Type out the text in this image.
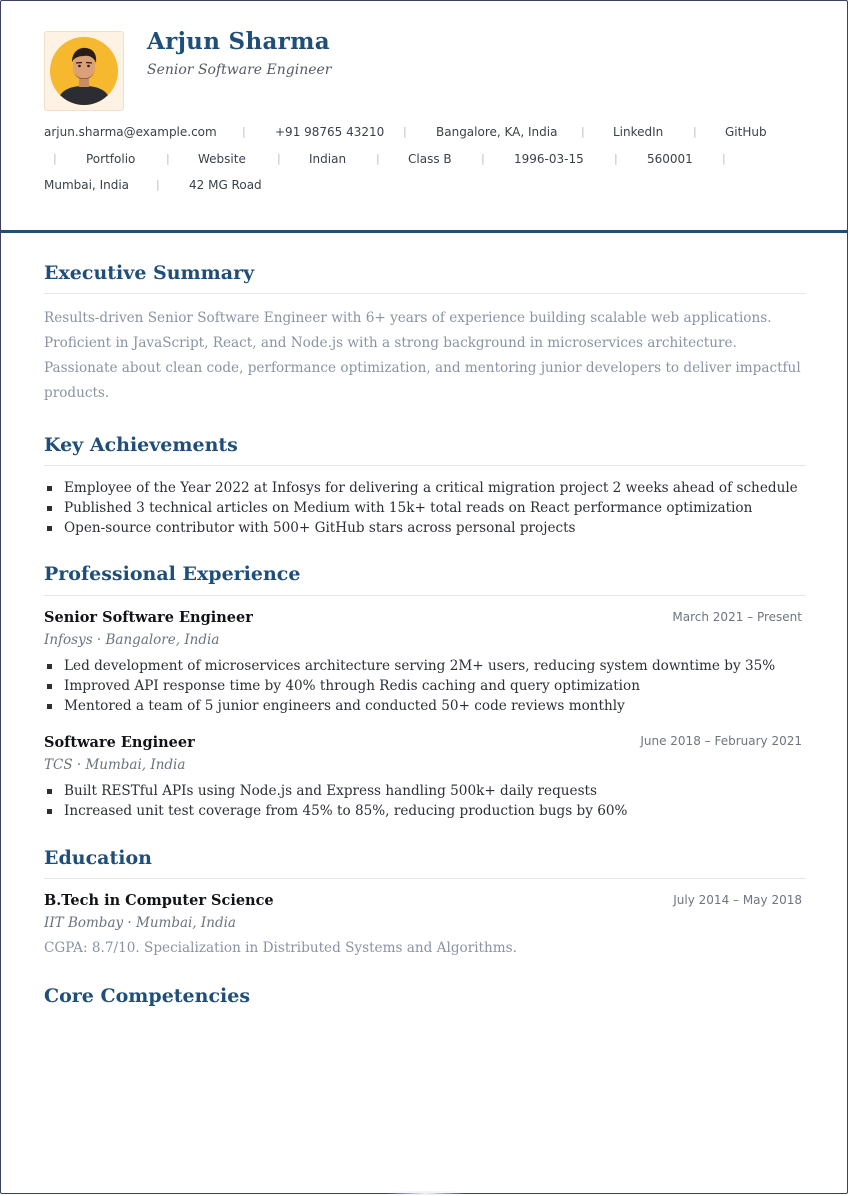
Arjun Sharma
Senior Software Engineer
arjun.sharma@example.com | +91 98765 43210 | Bangalore, KA, India | LinkedIn	| GitHub
| Portfolio	| Website	| Indian	| Class B	| 1996-03-15	| 560001	|
Mumbai, India | 42 MG Road
Executive Summary

Results-driven Senior Software Engineer with 6+ years of experience building scalable web applications. Proficient in JavaScript, React, and Node.js with a strong background in microservices architecture. Passionate about clean code, performance optimization, and mentoring junior developers to deliver impactful products.

Key Achievements
Employee of the Year 2022 at Infosys for delivering a critical migration project 2 weeks ahead of schedule
Published 3 technical articles on Medium with 15k+ total reads on React performance optimization
Open-source contributor with 500+ GitHub stars across personal projects
Professional Experience
Senior Software Engineer	March 2021 – Present
Infosys · Bangalore, India
Led development of microservices architecture serving 2M+ users, reducing system downtime by 35%
Improved API response time by 40% through Redis caching and query optimization
Mentored a team of 5 junior engineers and conducted 50+ code reviews monthly
Software Engineer	June 2018 – February 2021
TCS · Mumbai, India
Built RESTful APIs using Node.js and Express handling 500k+ daily requests
Increased unit test coverage from 45% to 85%, reducing production bugs by 60%
Education
B.Tech in Computer Science	July 2014 – May 2018
IIT Bombay · Mumbai, India
CGPA: 8.7/10. Specialization in Distributed Systems and Algorithms.
Core Competencies
